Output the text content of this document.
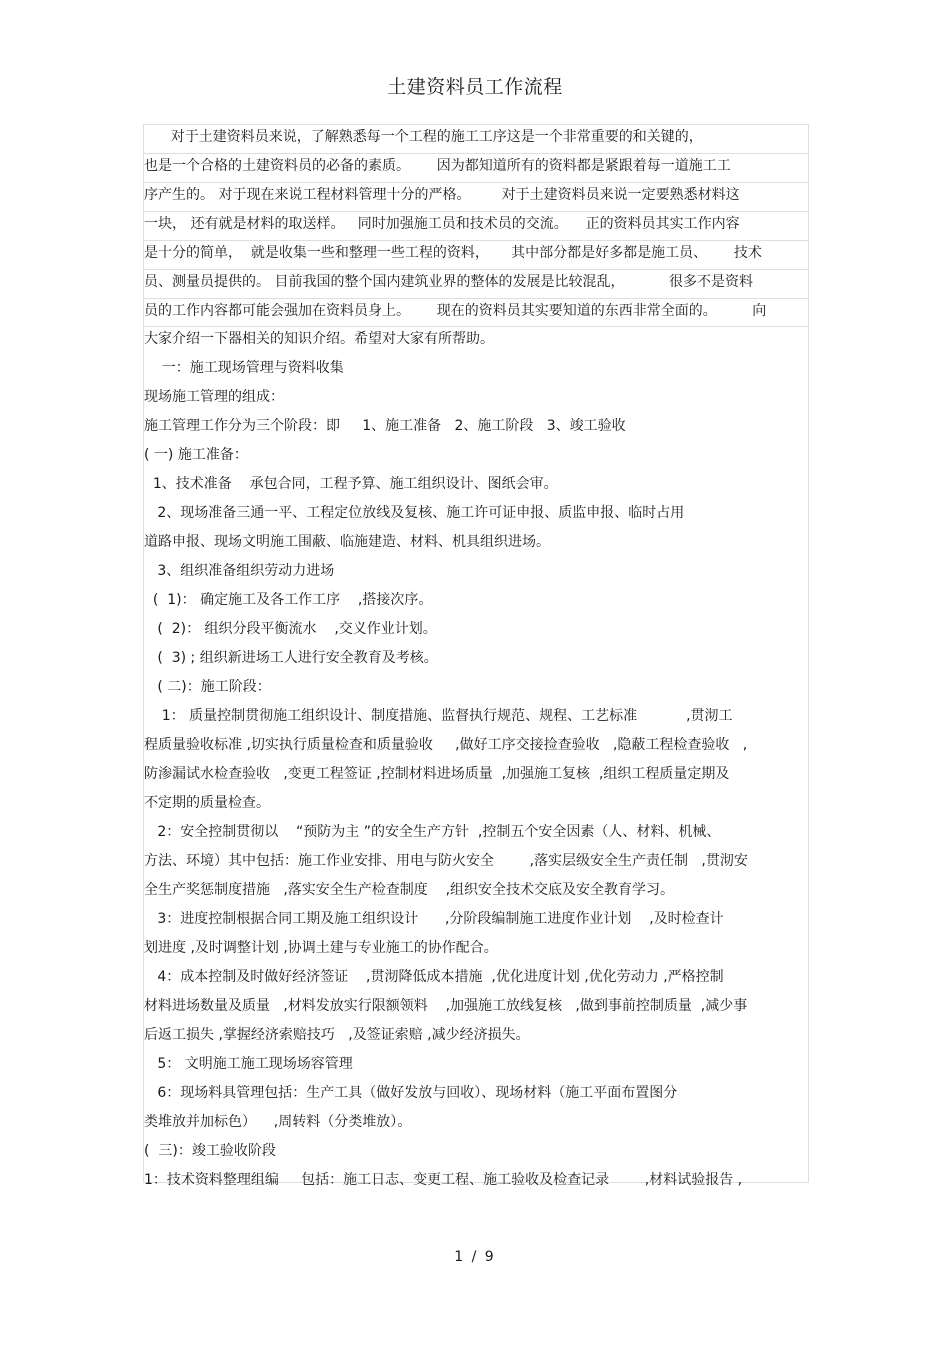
土建资料员工作流程
对于土建资料员来说，了解熟悉每一个工程的施工工序这是一个非常重要的和关键的，
也是一个合格的土建资料员的必备的素质。      因为都知道所有的资料都是紧跟着每一道施工工
序产生的。 对于现在来说工程材料管理十分的严格。       对于土建资料员来说一定要熟悉材料这
一块， 还有就是材料的取送样。   同时加强施工员和技术员的交流。    正的资料员其实工作内容
是十分的简单，  就是收集一些和整理一些工程的资料，     其中部分都是好多都是施工员、      技术
员、测量员提供的。 目前我国的整个国内建筑业界的整体的发展是比较混乱，          很多不是资料
员的工作内容都可能会强加在资料员身上。      现在的资料员其实要知道的东西非常全面的。        向
大家介绍一下器相关的知识介绍。希望对大家有所帮助。
一：施工现场管理与资料收集
现场施工管理的组成：
施工管理工作分为三个阶段：即     1、施工准备   2、施工阶段   3、竣工验收
( 一) 施工准备：
1、技术准备    承包合同，工程予算、施工组织设计、图纸会审。
2、现场准备三通一平、工程定位放线及复核、施工许可证申报、质监申报、临时占用
道路申报、现场文明施工围蔽、临施建造、材料、机具组织进场。
3、组织准备组织劳动力进场
(  1)： 确定施工及各工作工序    ,搭接次序。
(  2)： 组织分段平衡流水    ,交义作业计划。
(  3) ; 组织新进场工人进行安全教育及考核。
( 二)：施工阶段：
1： 质量控制贯彻施工组织设计、制度措施、监督执行规范、规程、工艺标准           ,贯沏工
程质量验收标准 ,切实执行质量检查和质量验收     ,做好工序交接捡查验收   ,隐蔽工程检查验收   ,
防渗漏试水检查验收   ,变更工程签证 ,控制材料进场质量  ,加强施工复核  ,组织工程质量定期及
不定期的质量检查。
2：安全控制贯彻以    “预防为主 ”的安全生产方针  ,控制五个安全因素（人、材料、机械、
方法、环境）其中包括：施工作业安排、用电与防火安全        ,落实层级安全生产责任制   ,贯沏安
全生产奖惩制度措施   ,落实安全生产检查制度    ,组织安全技术交底及安全教育学习。
3：进度控制根据合同工期及施工组织设计      ,分阶段编制施工进度作业计划    ,及时检查计
划进度 ,及时调整计划 ,协调土建与专业施工的协作配合。
4：成本控制及时做好经济签证    ,贯沏降低成本措施  ,优化进度计划 ,优化劳动力 ,严格控制
材料进场数量及质量   ,材料发放实行限额领料    ,加强施工放线复核   ,做到事前控制质量  ,减少事
后返工损失 ,掌握经济索赔技巧   ,及签证索赔 ,减少经济损失。
5： 文明施工施工现场场容管理
6：现场料具管理包括：生产工具（做好发放与回收）、现场材料（施工平面布置图分
类堆放并加标色）    ,周转料（分类堆放）。
(  三)：竣工验收阶段
1：技术资料整理组编     包括：施工日志、变更工程、施工验收及检查记录        ,材料试验报告 ,
1 / 9
